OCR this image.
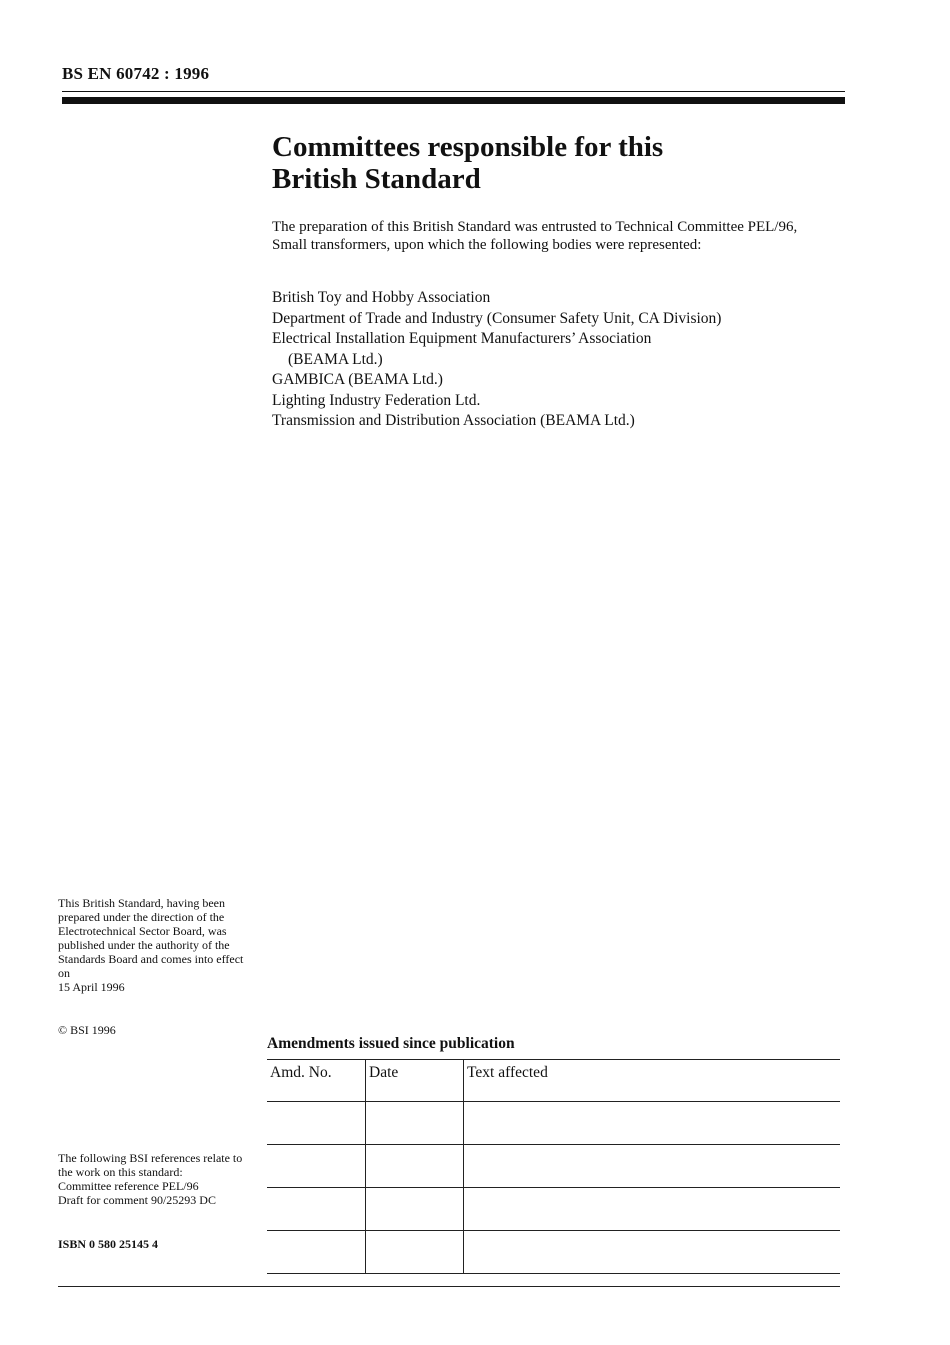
BS EN 60742 : 1996
Committees responsible for this
British Standard

The preparation of this British Standard was entrusted to Technical Committee PEL/96, Small transformers, upon which the following bodies were represented:

British Toy and Hobby Association
Department of Trade and Industry (Consumer Safety Unit, CA Division)
Electrical Installation Equipment Manufacturers’ Association
(BEAMA Ltd.)
GAMBICA (BEAMA Ltd.)
Lighting Industry Federation Ltd.
Transmission and Distribution Association (BEAMA Ltd.)

This British Standard, having been prepared under the direction of the Electrotechnical Sector Board, was published under the authority of the Standards Board and comes into effect on
15 April 1996

© BSI 1996

Amendments issued since publication
Amd. No.	Date	Text affected

The following BSI references relate to the work on this standard:
Committee reference PEL/96
Draft for comment 90/25293 DC

ISBN 0 580 25145 4
